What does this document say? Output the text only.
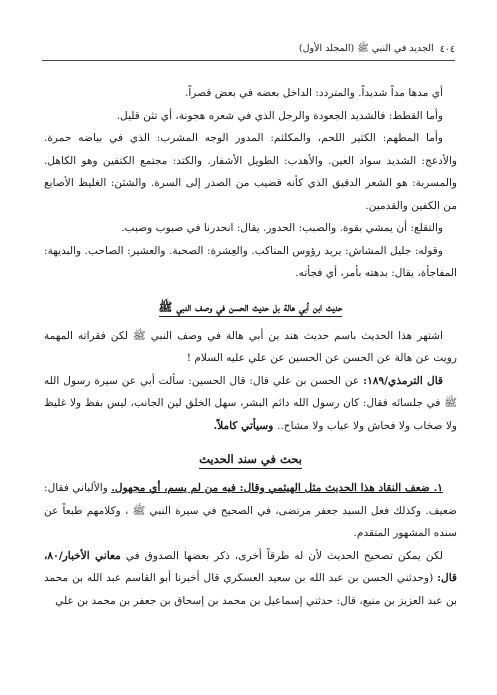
٤٠٤
الجديد في النبي ﷺ (المجلد الأول)

أي مدها مداً شديداً. والمتردد: الداخل بعضه في بعض قصراً.

وأما القطط: فالشديد الجعودة والرجل الذي في شعره هجونة، أي تثن قليل.

وأما المطهم: الكثير اللحم، والمكلثم: المدور الوجه المشرب: الذي في بياضه حمرة. والأدعج: الشديد سواد العين. والأهدب: الطويل الأشفار. والكتد: مجتمع الكتفين وهو الكاهل. والمسربة: هو الشعر الدقيق الذي كأنه قضيب من الصدر إلى السرة. والشثن: الغليظ الأصابع من الكفين والقدمين.

والتقلع: أن يمشي بقوة. والصبب: الحدور. يقال: انحدرنا في صبوب وصبب.

وقوله: جليل المشاش: يريد رؤوس المناكب. والعِشرة: الصحبة. والعشير: الصاحب. والبديهة: المفاجأة، يقال: بدهته بأمر، أي فجأته.

حديث ابن أبي هالة بل حديث الحسن في وصف النبي ﷺ

اشتهر هذا الحديث باسم حديث هند بن أبي هالة في وصف النبي ﷺ لكن فقراته المهمة رويت عن هالة عن الحسن عن الحسين عن علي عليه السلام !

قال الترمذي/١٨٩: عن الحسن بن علي قال: قال الحسين: سألت أبي عن سيرة رسول الله ﷺ في جلسائه فقال: كان رسول الله دائم البشر، سهل الخلق لين الجانب، ليس بفظ ولا غليظ ولا صخاب ولا فحاش ولا عياب ولا مشاح.. وسيأتي كاملاً.

بحث في سند الحديث

١. ضعف النقاد هذا الحديث مثل الهيثمي وقال: فيه من لم يسم، أي مجهول. والألباني فقال: ضعيف. وكذلك فعل السيد جعفر مرتضى، في الصحيح في سيرة النبي ﷺ ، وكلامهم طبعاً عن سنده المشهور المتقدم.

لكن يمكن تصحيح الحديث لأن له طرقاً أخرى، ذكر بعضها الصدوق في معاني الأخبار/٨٠، قال: (وحدثني الحسن بن عبد الله بن سعيد العسكري قال أخبرنا أبو القاسم عبد الله بن محمد بن عبد العزيز بن منيع، قال: حدثني إسماعيل بن محمد بن إسحاق بن جعفر بن محمد بن علي
